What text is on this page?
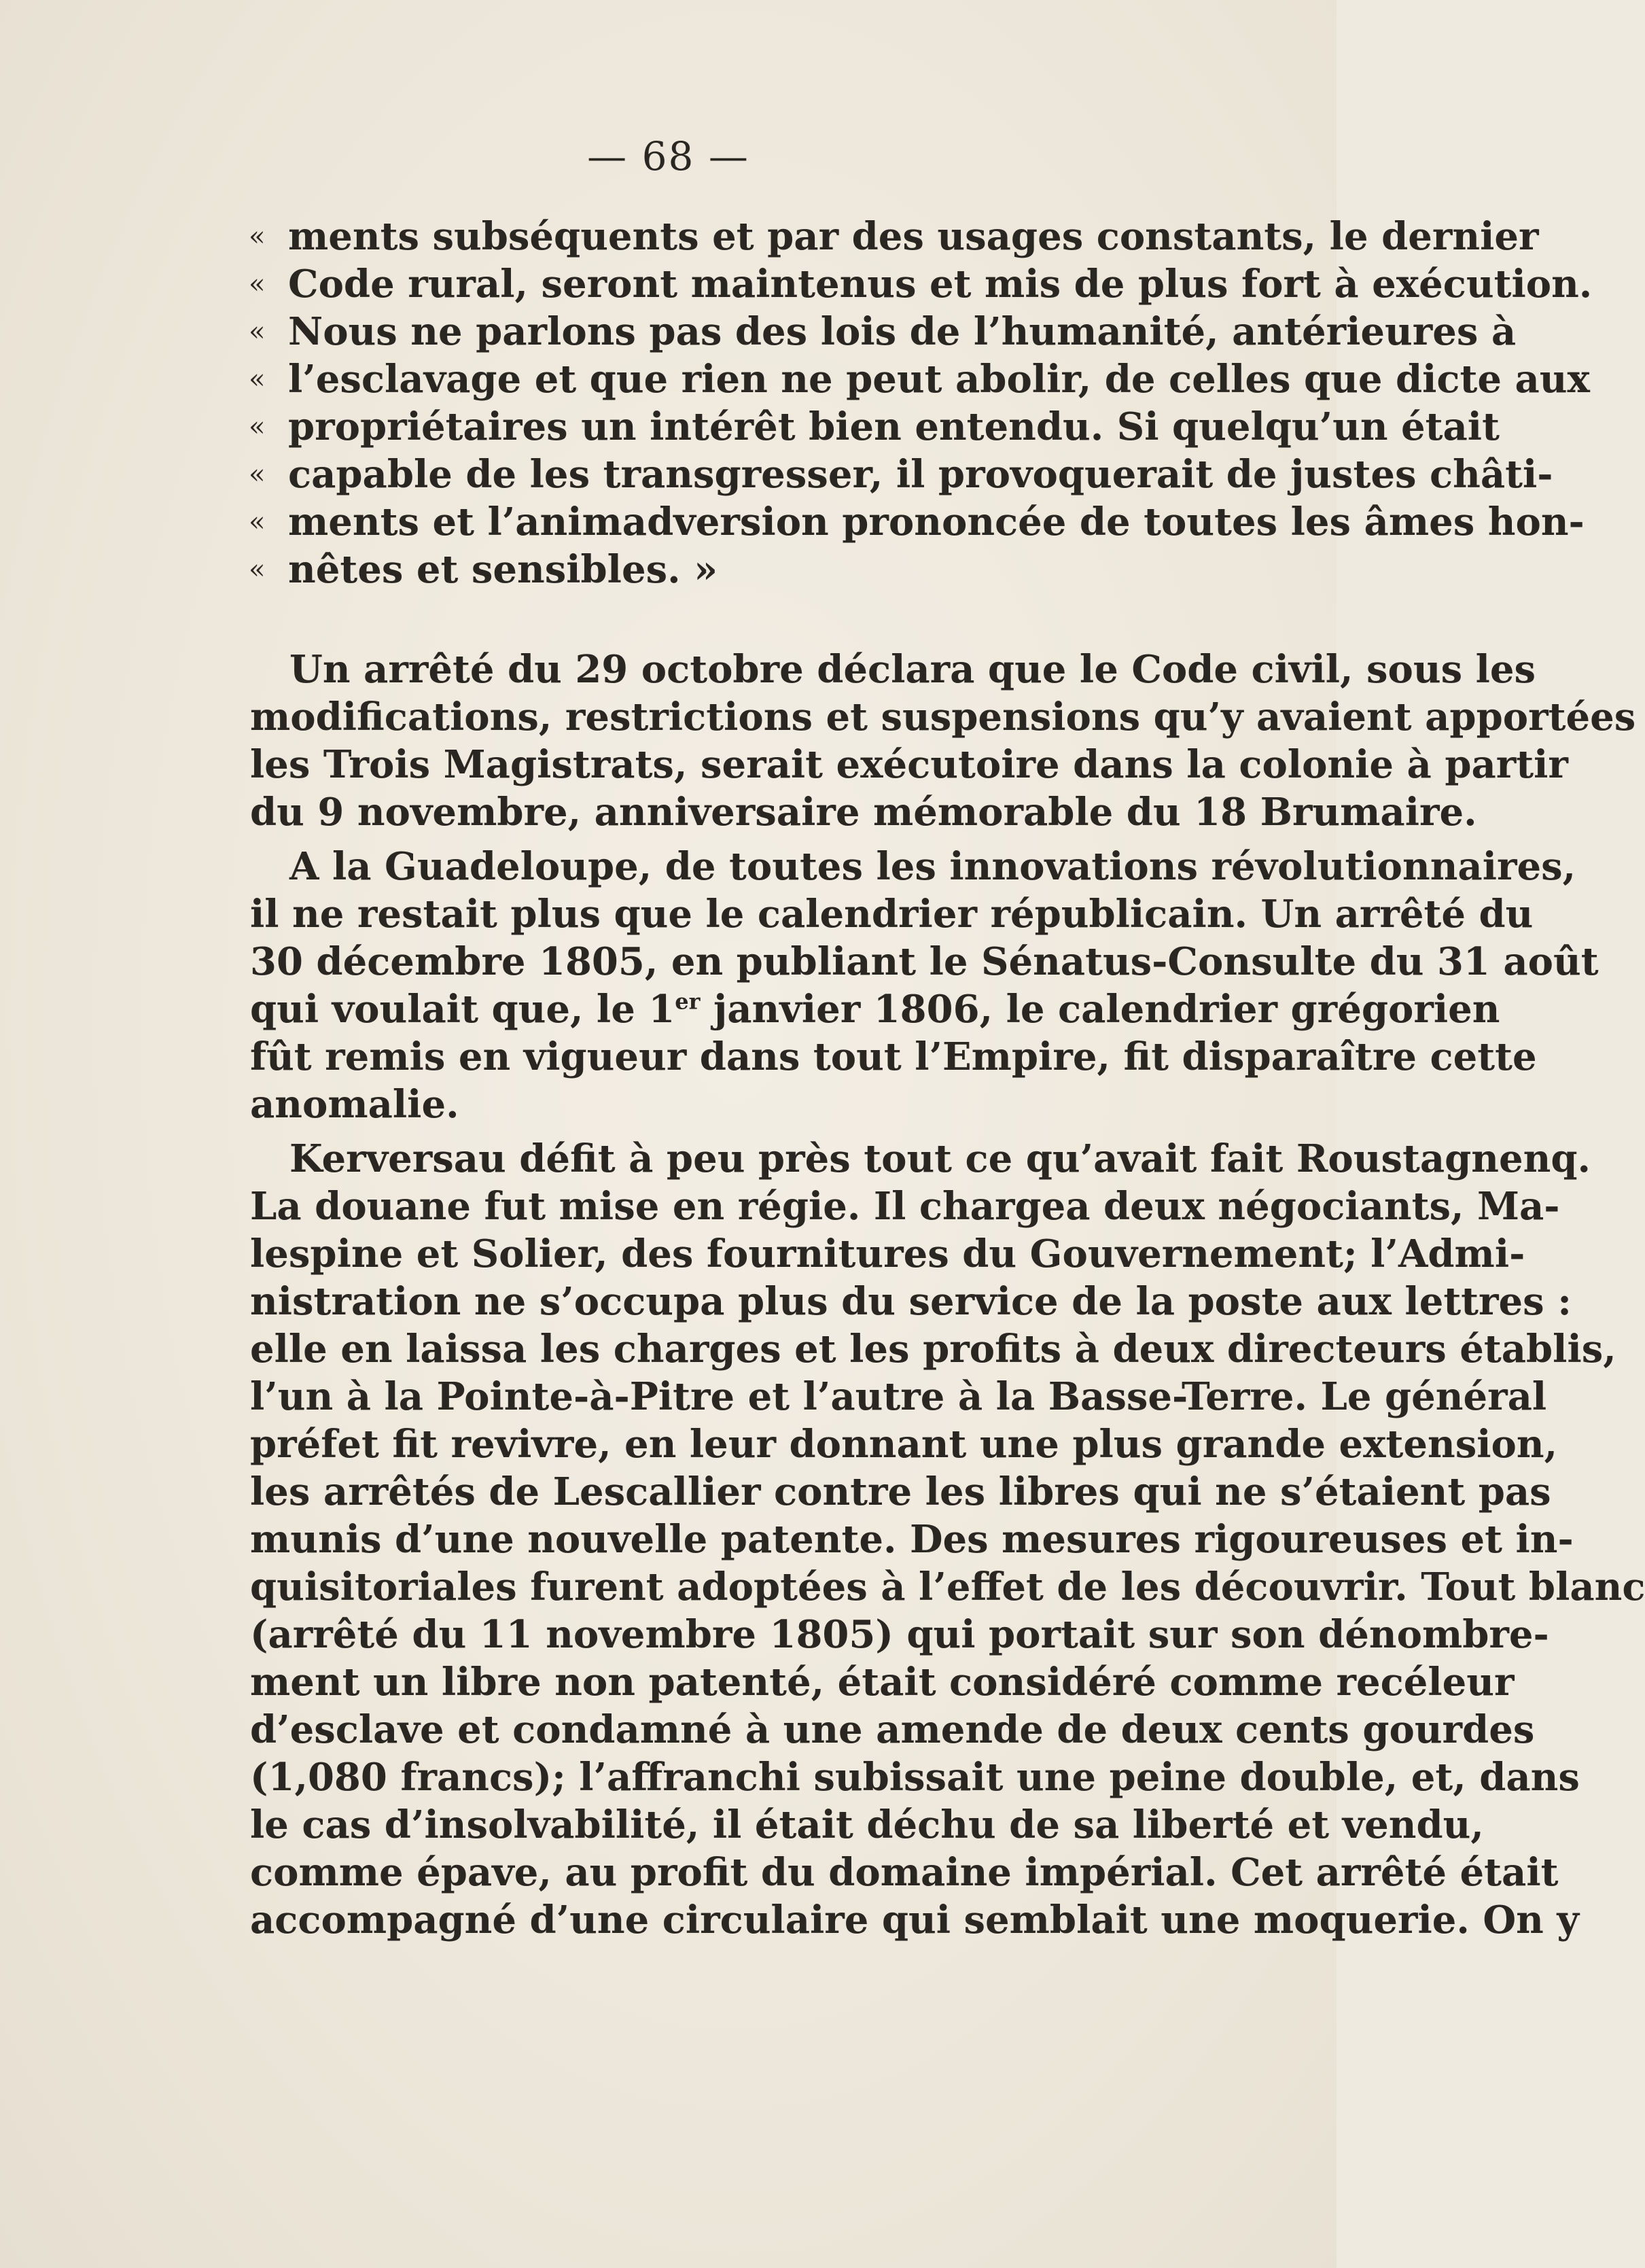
— 68 —
« ments subséquents et par des usages constants, le dernier
« Code rural, seront maintenus et mis de plus fort à exécution.
« Nous ne parlons pas des lois de l’humanité, antérieures à
« l’esclavage et que rien ne peut abolir, de celles que dicte aux
« propriétaires un intérêt bien entendu. Si quelqu’un était
« capable de les transgresser, il provoquerait de justes châti-
« ments et l’animadversion prononcée de toutes les âmes hon-
« nêtes et sensibles. »
Un arrêté du 29 octobre déclara que le Code civil, sous les
modifications, restrictions et suspensions qu’y avaient apportées
les Trois Magistrats, serait exécutoire dans la colonie à partir
du 9 novembre, anniversaire mémorable du 18 Brumaire.
A la Guadeloupe, de toutes les innovations révolutionnaires,
il ne restait plus que le calendrier républicain. Un arrêté du
30 décembre 1805, en publiant le Sénatus-Consulte du 31 août
qui voulait que, le 1er janvier 1806, le calendrier grégorien
fût remis en vigueur dans tout l’Empire, fit disparaître cette
anomalie.
Kerversau défit à peu près tout ce qu’avait fait Roustagnenq.
La douane fut mise en régie. Il chargea deux négociants, Ma-
lespine et Solier, des fournitures du Gouvernement; l’Admi-
nistration ne s’occupa plus du service de la poste aux lettres :
elle en laissa les charges et les profits à deux directeurs établis,
l’un à la Pointe-à-Pitre et l’autre à la Basse-Terre. Le général
préfet fit revivre, en leur donnant une plus grande extension,
les arrêtés de Lescallier contre les libres qui ne s’étaient pas
munis d’une nouvelle patente. Des mesures rigoureuses et in-
quisitoriales furent adoptées à l’effet de les découvrir. Tout blanc
(arrêté du 11 novembre 1805) qui portait sur son dénombre-
ment un libre non patenté, était considéré comme recéleur
d’esclave et condamné à une amende de deux cents gourdes
(1,080 francs); l’affranchi subissait une peine double, et, dans
le cas d’insolvabilité, il était déchu de sa liberté et vendu,
comme épave, au profit du domaine impérial. Cet arrêté était
accompagné d’une circulaire qui semblait une moquerie. On y
